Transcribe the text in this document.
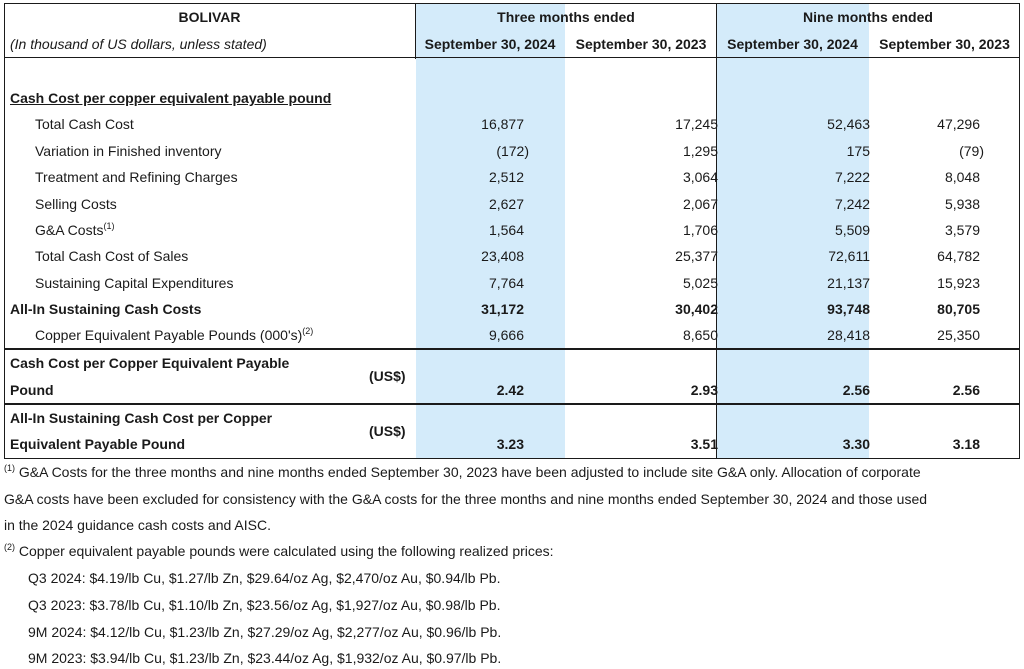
BOLIVAR
(In thousand of US dollars, unless stated)
Three months ended	Nine months ended
September 30, 2024	September 30, 2023	September 30, 2024	September 30, 2023
Cash Cost per copper equivalent payable pound
Total Cash Cost	16,877	17,245	52,463	47,296
Variation in Finished inventory	(172)	1,295	175	(79)
Treatment and Refining Charges	2,512	3,064	7,222	8,048
Selling Costs	2,627	2,067	7,242	5,938
G&A Costs$^{(1)}$	1,564	1,706	5,509	3,579
Total Cash Cost of Sales	23,408	25,377	72,611	64,782
Sustaining Capital Expenditures	7,764	5,025	21,137	15,923
All-In Sustaining Cash Costs	31,172	30,402	93,748	80,705
Copper Equivalent Payable Pounds $(000's)^{(2)}$	9,666	8,650	28,418	25,350
Cash Cost per Copper Equivalent Payable
Pound
(US$)
2.42	2.93	2.56	2.56
All-In Sustaining Cash Cost per Copper
Equivalent Payable Pound
(US$)
3.23	3.51	3.30	3.18
$^{(1)}$ G&A Costs for the three months and nine months ended September 30, 2023 have been adjusted to include site G&A only. Allocation of corporate
G&A costs have been excluded for consistency with the G&A costs for the three months and nine months ended September 30, 2024 and those used
in the 2024 guidance cash costs and AISC.
$^{(2)}$ Copper equivalent payable pounds were calculated using the following realized prices:
Q3 2024: $4.19/lb Cu, $1.27/lb Zn, $29.64/oz Ag, $2,470/oz Au, $0.94/lb Pb.
Q3 2023: $3.78/lb Cu, $1.10/lb Zn, $23.56/oz Ag, $1,927/oz Au, $0.98/lb Pb.
9M 2024: $4.12/lb Cu, $1.23/lb Zn, $27.29/oz Ag, $2,277/oz Au, $0.96/lb Pb.
9M 2023: $3.94/lb Cu, $1.23/lb Zn, $23.44/oz Ag, $1,932/oz Au, $0.97/lb Pb.
